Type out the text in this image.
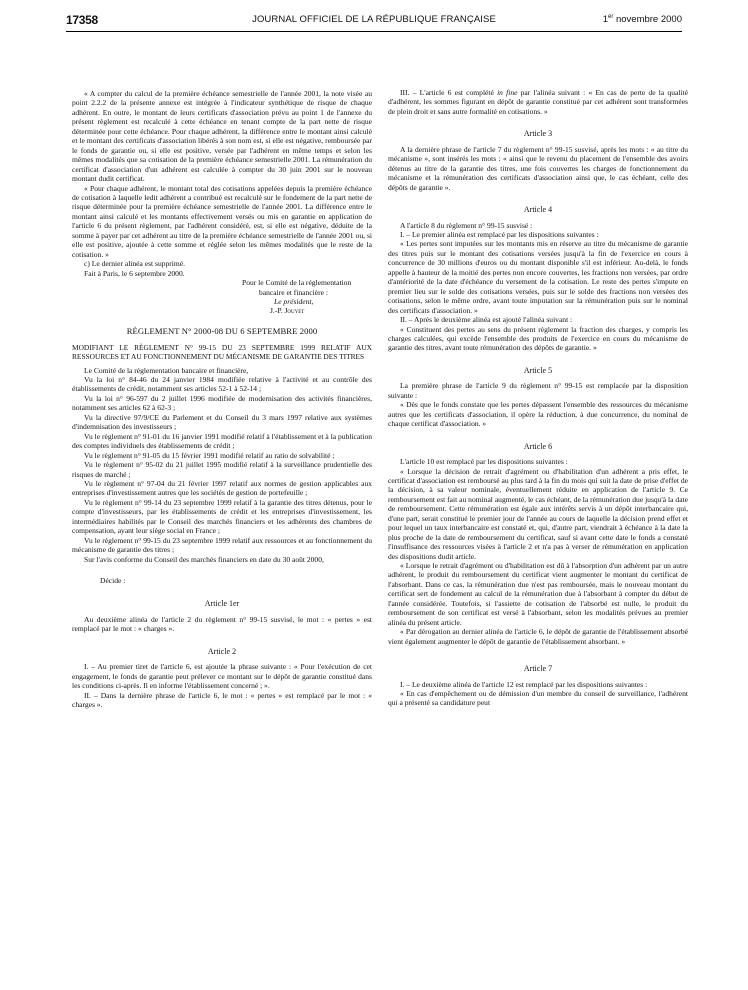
17358	JOURNAL OFFICIEL DE LA RÉPUBLIQUE FRANÇAISE	1er novembre 2000

« A compter du calcul de la première échéance semestrielle de l'année 2001, la note visée au point 2.2.2 de la présente annexe est intégrée à l'indicateur synthétique de risque de chaque adhérent. En outre, le montant de leurs certificats d'association prévu au point 1 de l'annexe du présent règlement est recalculé à cette échéance en tenant compte de la part nette de risque déterminée pour cette échéance. Pour chaque adhérent, la différence entre le montant ainsi calculé et le montant des certificats d'association libérés à son nom est, si elle est négative, remboursée par le fonds de garantie ou, si elle est positive, versée par l'adhérent en même temps et selon les mêmes modalités que sa cotisation de la première échéance semestrielle 2001. La rémunération du certificat d'association d'un adhérent est calculée à compter du 30 juin 2001 sur le nouveau montant dudit certificat.

« Pour chaque adhérent, le montant total des cotisations appelées depuis la première échéance de cotisation à laquelle ledit adhérent a contribué est recalculé sur le fondement de la part nette de risque déterminée pour la première échéance semestrielle de l'année 2001. La différence entre le montant ainsi calculé et les montants effectivement versés ou mis en garantie en application de l'article 6 du présent règlement, par l'adhérent considéré, est, si elle est négative, déduite de la somme à payer par cet adhérent au titre de la première échéance semestrielle de l'année 2001 ou, si elle est positive, ajoutée à cette somme et réglée selon les mêmes modalités que le reste de la cotisation. »

c) Le dernier alinéa est supprimé.

Fait à Paris, le 6 septembre 2000.

Pour le Comité de la réglementation

bancaire et financière :

Le président,

J.-P. Jouyet

RÈGLEMENT N° 2000-08 DU 6 SEPTEMBRE 2000

MODIFIANT LE RÈGLEMENT N° 99-15 DU 23 SEPTEMBRE 1999 RELATIF AUX RESSOURCES ET AU FONCTIONNEMENT DU MÉCANISME DE GARANTIE DES TITRES

Le Comité de la réglementation bancaire et financière,

Vu la loi n° 84-46 du 24 janvier 1984 modifiée relative à l'activité et au contrôle des établissements de crédit, notamment ses articles 52-1 à 52-14 ;

Vu la loi n° 96-597 du 2 juillet 1996 modifiée de modernisation des activités financières, notamment ses articles 62 à 62-3 ;

Vu la directive 97/9/CE du Parlement et du Conseil du 3 mars 1997 relative aux systèmes d'indemnisation des investisseurs ;

Vu le règlement n° 91-01 du 16 janvier 1991 modifié relatif à l'établissement et à la publication des comptes individuels des établissements de crédit ;

Vu le règlement n° 91-05 du 15 février 1991 modifié relatif au ratio de solvabilité ;

Vu le règlement n° 95-02 du 21 juillet 1995 modifié relatif à la surveillance prudentielle des risques de marché ;

Vu le règlement n° 97-04 du 21 février 1997 relatif aux normes de gestion applicables aux entreprises d'investissement autres que les sociétés de gestion de portefeuille ;

Vu le règlement n° 99-14 du 23 septembre 1999 relatif à la garantie des titres détenus, pour le compte d'investisseurs, par les établissements de crédit et les entreprises d'investissement, les intermédiaires habilités par le Conseil des marchés financiers et les adhérents des chambres de compensation, ayant leur siège social en France ;

Vu le règlement n° 99-15 du 23 septembre 1999 relatif aux ressources et au fonctionnement du mécanisme de garantie des titres ;

Sur l'avis conforme du Conseil des marchés financiers en date du 30 août 2000,

Décide :

Article 1er

Au deuxième alinéa de l'article 2 du règlement n° 99-15 susvisé, le mot : « pertes » est remplacé par le mot : « charges ».

Article 2

I. – Au premier tiret de l'article 6, est ajoutée la phrase suivante : « Pour l'exécution de cet engagement, le fonds de garantie peut prélever ce montant sur le dépôt de garantie constitué dans les conditions ci-après. Il en informe l'établissement concerné ; ».

II. – Dans la dernière phrase de l'article 6, le mot : « pertes » est remplacé par le mot : « charges ».

III. – L'article 6 est complété in fine par l'alinéa suivant : « En cas de perte de la qualité d'adhérent, les sommes figurant en dépôt de garantie constitué par cet adhérent sont transformées de plein droit et sans autre formalité en cotisations. »

Article 3

A la dernière phrase de l'article 7 du règlement n° 99-15 susvisé, après les mots : « au titre du mécanisme », sont insérés les mots : « ainsi que le revenu du placement de l'ensemble des avoirs détenus au titre de la garantie des titres, une fois couvertes les charges de fonctionnement du mécanisme et la rémunération des certificats d'association ainsi que, le cas échéant, celle des dépôts de garantie ».

Article 4

A l'article 8 du règlement n° 99-15 susvisé :

I. – Le premier alinéa est remplacé par les dispositions suivantes :

« Les pertes sont imputées sur les montants mis en réserve au titre du mécanisme de garantie des titres puis sur le montant des cotisations versées jusqu'à la fin de l'exercice en cours à concurrence de 30 millions d'euros ou du montant disponible s'il est inférieur. Au-delà, le fonds appelle à hauteur de la moitié des pertes non encore couvertes, les fractions non versées, par ordre d'antériorité de la date d'échéance du versement de la cotisation. Le reste des pertes s'impute en premier lieu sur le solde des cotisations versées, puis sur le solde des fractions non versées des cotisations, selon le même ordre, avant toute imputation sur la rémunération puis sur le nominal des certificats d'association. »

II. – Après le deuxième alinéa est ajouté l'alinéa suivant :

« Constituent des pertes au sens du présent règlement la fraction des charges, y compris les charges calculées, qui excède l'ensemble des produits de l'exercice en cours du mécanisme de garantie des titres, avant toute rémunération des dépôts de garantie. »

Article 5

La première phrase de l'article 9 du règlement n° 99-15 est remplacée par la disposition suivante :

« Dès que le fonds constate que les pertes dépassent l'ensemble des ressources du mécanisme autres que les certificats d'association, il opère la réduction, à due concurrence, du nominal de chaque certificat d'association. »

Article 6

L'article 10 est remplacé par les dispositions suivantes :

« Lorsque la décision de retrait d'agrément ou d'habilitation d'un adhérent a pris effet, le certificat d'association est remboursé au plus tard à la fin du mois qui suit la date de prise d'effet de la décision, à sa valeur nominale, éventuellement réduite en application de l'article 9. Ce remboursement est fait au nominal augmenté, le cas échéant, de la rémunération due jusqu'à la date de remboursement. Cette rémunération est égale aux intérêts servis à un dépôt interbancaire qui, d'une part, serait constitué le premier jour de l'année au cours de laquelle la décision prend effet et pour lequel un taux interbancaire est constaté et, qui, d'autre part, viendrait à échéance à la date la plus proche de la date de remboursement du certificat, sauf si avant cette date le fonds a constaté l'insuffisance des ressources visées à l'article 2 et n'a pas à verser de rémunération en application des dispositions dudit article.

« Lorsque le retrait d'agrément ou d'habilitation est dû à l'absorption d'un adhérent par un autre adhérent, le produit du remboursement du certificat vient augmenter le montant du certificat de l'absorbant. Dans ce cas, la rémunération due n'est pas remboursée, mais le nouveau montant du certificat sert de fondement au calcul de la rémunération due à l'absorbant à compter du début de l'année considérée. Toutefois, si l'assiette de cotisation de l'absorbé est nulle, le produit du remboursement de son certificat est versé à l'absorbant, selon les modalités prévues au premier alinéa du présent article.

« Par dérogation au dernier alinéa de l'article 6, le dépôt de garantie de l'établissement absorbé vient également augmenter le dépôt de garantie de l'établissement absorbant. »

Article 7

I. – Le deuxième alinéa de l'article 12 est remplacé par les dispositions suivantes :

« En cas d'empêchement ou de démission d'un membre du conseil de surveillance, l'adhérent qui a présenté sa candidature peut
